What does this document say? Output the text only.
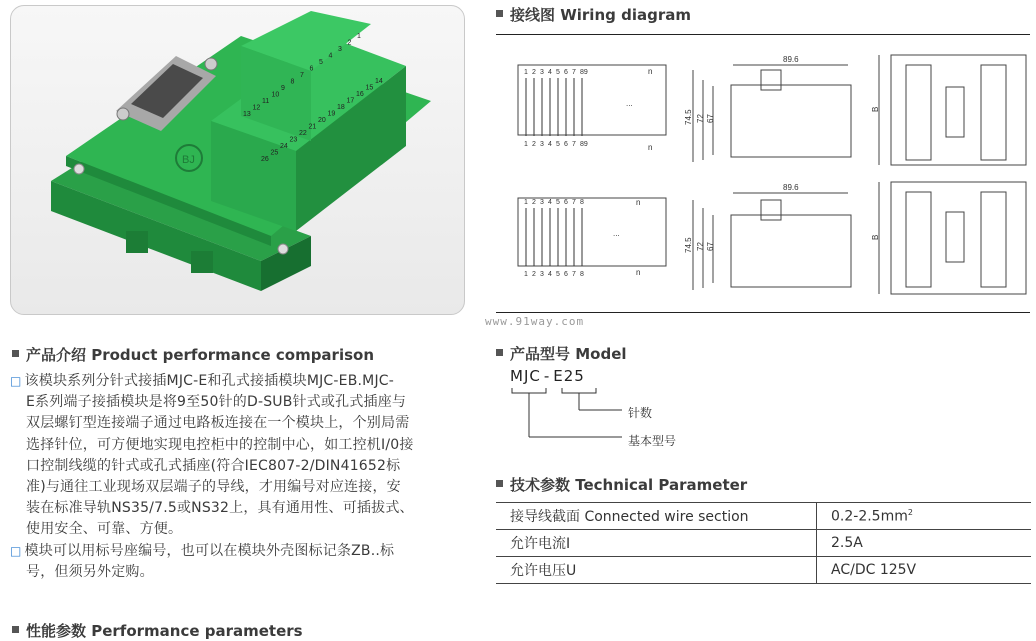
BJ
13
12
11
10
9
8
7
6
5
4
3
2
1
26
25
24
23
22
21
20
19
18
17
16
15
14
接线图 Wiring diagram
1
1
2
2
3
3
4
4
5
5
6
6
7
7
89
89
1
1
2
2
3
3
4
4
5
5
6
6
7
7
8
8
...
...
n
n
n
n
89.6
89.6
74.5 72 67
74.5 72 67
B
B
www.91way.com
产品介绍 Product performance comparison
□ 该模块系列分针式接插MJC-E和孔式接插模块MJC-EB.MJC-
E系列端子接插模块是将9至50针的D-SUB针式或孔式插座与
双层螺钉型连接端子通过电路板连接在一个模块上，个别局需
选择针位，可方便地实现电控柜中的控制中心，如工控机I/0接
口控制线缆的针式或孔式插座(符合IEC807-2/DIN41652标
准)与通往工业现场双层端子的导线，才用编号对应连接，安
装在标准导轨NS35/7.5或NS32上，具有通用性、可插拔式、
使用安全、可靠、方便。
□ 模块可以用标号座编号，也可以在模块外壳图标记条ZB..标
号，但须另外定购。
性能参数 Performance parameters
产品型号 Model
MJC - E25
针数
基本型号
技术参数 Technical Parameter
接导线截面 Connected wire section	$0.2-2.5mm^2$
允许电流I	2.5A
允许电压U	AC/DC 125V
